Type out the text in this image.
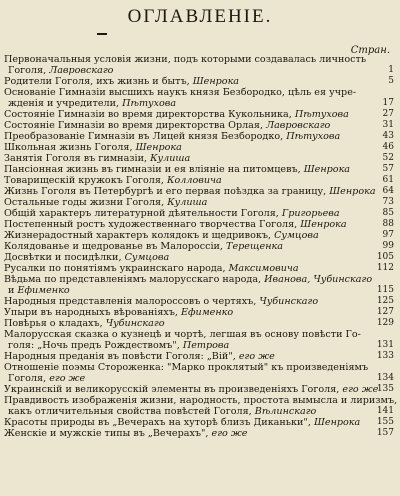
ОГЛАВЛЕНIЕ.
Стран.
Первоначальныя условiя жизни, подъ которыми создавалась личность
Гоголя, Лавровскаго	1
Родители Гоголя, ихъ жизнь и бытъ, Шенрока	5
Основанiе Гимназiи высшихъ наукъ князя Безбородко, цѣль ея учре-
жденiя и учредители, Пѣтухова	17
Состоянiе Гимназiи во время директорства Кукольника, Пѣтухова	27
Состоянiе Гимназiи во время директорства Орлая, Лавровскаго	31
Преобразованiе Гимназiи въ Лицей князя Безбородко, Пѣтухова	43
Школьная жизнь Гоголя, Шенрока	46
Занятiя Гоголя въ гимназiи, Кулиша	52
Пансiонная жизнь въ гимназiи и ея влiянiе на питомцевъ, Шенрока	57
Товарищескiй кружокъ Гоголя, Колловича	61
Жизнь Гоголя въ Петербургѣ и его первая поѣздка за границу, Шенрока 64
Остальные годы жизни Гоголя, Кулиша	73
Общiй характеръ литературной дѣятельности Гоголя, Григорьева	85
Постепенный ростъ художественнаго творчества Гоголя, Шенрока	88
Жизнерадостный характеръ колядокъ и щедривокъ, Сумцова	97
Колядованье и щедрованье въ Малороссiи, Терещенка	99
Досвѣтки и посидѣлки, Сумцова	105
Русалки по понятiямъ украинскаго народа, Максимовича	112
Вѣдьма по представленiямъ малорусскаго народа, Иванова, Чубинскаго
и Ефименко	115
Народныя представленiя малороссовъ о чертяхъ, Чубинскаго	125
Упыри въ народныхъ вѣрованiяхъ, Ефименко	127
Повѣрья о кладахъ, Чубинскаго	129
Малорусская сказка о кузнецѣ и чортѣ, легшая въ основу повѣсти Го-
голя: „Ночь предъ Рождествомъ", Петрова	131
Народныя преданiя въ повѣсти Гоголя: „Вiй", его же	133
Отношенiе поэмы Стороженка: "Марко проклятый" къ произведенiямъ
Гоголя, его же	134
Украинскiй и великорусскiй элементы въ произведенiяхъ Гоголя, его же
135
Правдивость изображенiя жизни, народность, простота вымысла и лиризмъ,
какъ отличительныя свойства повѣстей Гоголя, Вѣлинскаго	141
Красоты природы въ „Вечерахъ на хуторѣ близъ Диканьки", Шенрока 155
Женскiе и мужскiе типы въ „Вечерахъ", его же	157
